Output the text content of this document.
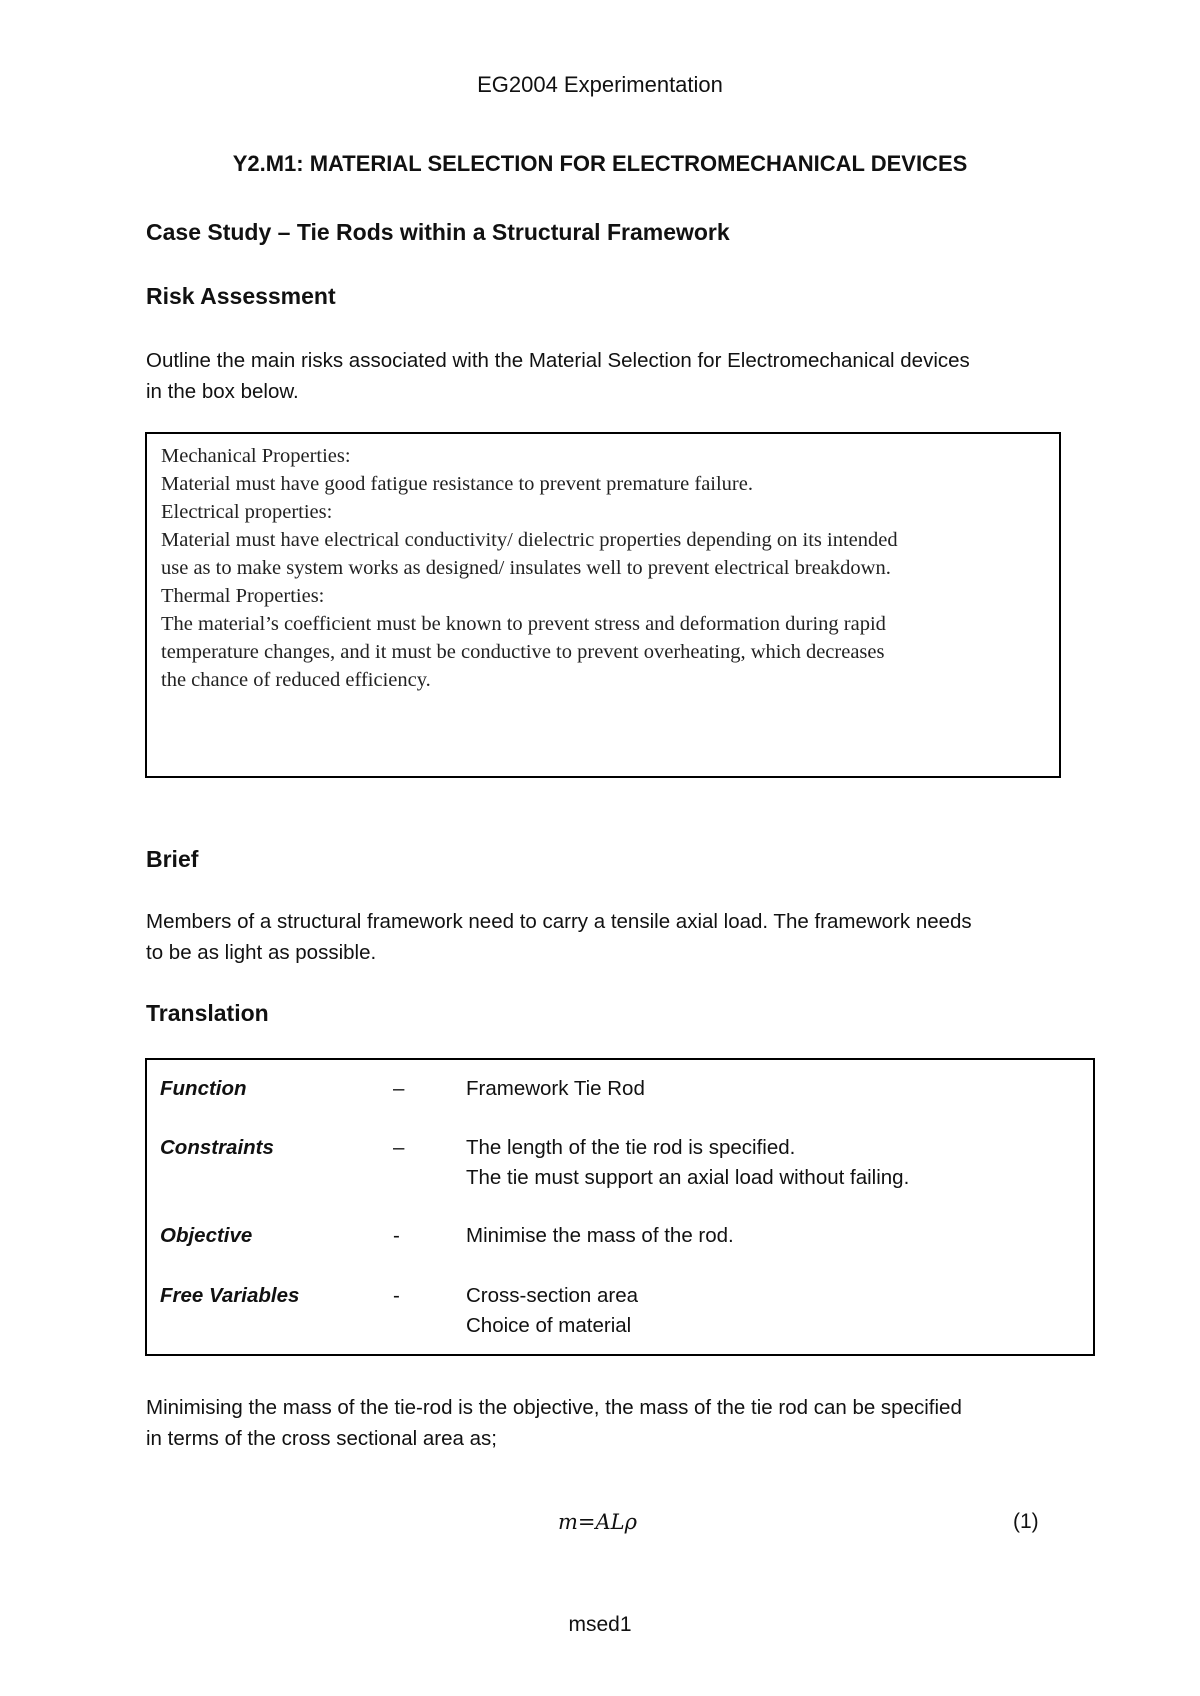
EG2004 Experimentation
Y2.M1: MATERIAL SELECTION FOR ELECTROMECHANICAL DEVICES
Case Study – Tie Rods within a Structural Framework
Risk Assessment
Outline the main risks associated with the Material Selection for Electromechanical devices
in the box below.
Mechanical Properties:
Material must have good fatigue resistance to prevent premature failure.
Electrical properties:
Material must have electrical conductivity/ dielectric properties depending on its intended
use as to make system works as designed/ insulates well to prevent electrical breakdown.
Thermal Properties:
The material’s coefficient must be known to prevent stress and deformation during rapid
temperature changes, and it must be conductive to prevent overheating, which decreases
the chance of reduced efficiency.
Brief
Members of a structural framework need to carry a tensile axial load. The framework needs
to be as light as possible.
Translation
Function	–	Framework Tie Rod
Constraints	–	The length of the tie rod is specified.
The tie must support an axial load without failing.
Objective	-	Minimise the mass of the rod.
Free Variables	-	Cross-section area
Choice of material
Minimising the mass of the tie-rod is the objective, the mass of the tie rod can be specified
in terms of the cross sectional area as;
m=ALρ	(1)
msed1
